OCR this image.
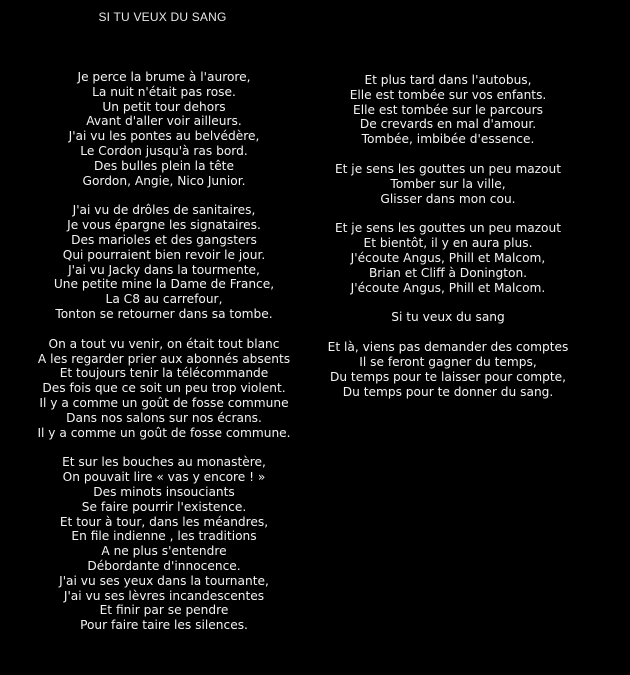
SI TU VEUX DU SANG
Je perce la brume à l'aurore,
La nuit n'était pas rose.
Un petit tour dehors
Avant d'aller voir ailleurs.
J'ai vu les pontes au belvédère,
Le Cordon jusqu'à ras bord.
Des bulles plein la tête
Gordon, Angie, Nico Junior.
J'ai vu de drôles de sanitaires,
Je vous épargne les signataires.
Des marioles et des gangsters
Qui pourraient bien revoir le jour.
J'ai vu Jacky dans la tourmente,
Une petite mine la Dame de France,
La C8 au carrefour,
Tonton se retourner dans sa tombe.
On a tout vu venir, on était tout blanc
A les regarder prier aux abonnés absents
Et toujours tenir la télécommande
Des fois que ce soit un peu trop violent.
Il y a comme un goût de fosse commune
Dans nos salons sur nos écrans.
Il y a comme un goût de fosse commune.
Et sur les bouches au monastère,
On pouvait lire « vas y encore ! »
Des minots insouciants
Se faire pourrir l'existence.
Et tour à tour, dans les méandres,
En file indienne , les traditions
A ne plus s'entendre
Débordante d'innocence.
J'ai vu ses yeux dans la tournante,
J'ai vu ses lèvres incandescentes
Et finir par se pendre
Pour faire taire les silences.
Et plus tard dans l'autobus,
Elle est tombée sur vos enfants.
Elle est tombée sur le parcours
De crevards en mal d'amour.
Tombée, imbibée d'essence.
Et je sens les gouttes un peu mazout
Tomber sur la ville,
Glisser dans mon cou.
Et je sens les gouttes un peu mazout
Et bientôt, il y en aura plus.
J'écoute Angus, Phill et Malcom,
Brian et Cliff à Donington.
J'écoute Angus, Phill et Malcom.
Si tu veux du sang
Et là, viens pas demander des comptes
Il se feront gagner du temps,
Du temps pour te laisser pour compte,
Du temps pour te donner du sang.
